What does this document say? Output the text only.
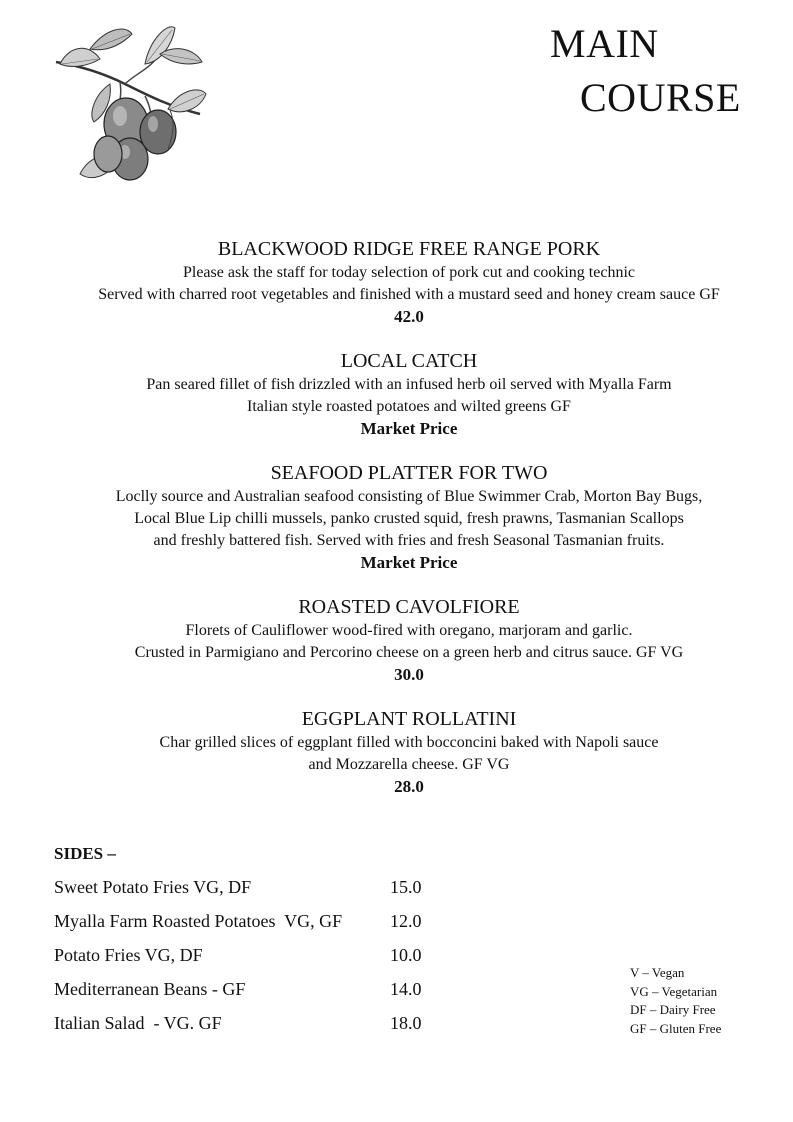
MAIN
COURSE
BLACKWOOD RIDGE FREE RANGE PORK
Please ask the staff for today selection of pork cut and cooking technic
Served with charred root vegetables and finished with a mustard seed and honey cream sauce GF
42.0
LOCAL CATCH
Pan seared fillet of fish drizzled with an infused herb oil served with Myalla Farm
Italian style roasted potatoes and wilted greens GF
Market Price
SEAFOOD PLATTER FOR TWO
Loclly source and Australian seafood consisting of Blue Swimmer Crab, Morton Bay Bugs,
Local Blue Lip chilli mussels, panko crusted squid, fresh prawns, Tasmanian Scallops
and freshly battered fish. Served with fries and fresh Seasonal Tasmanian fruits.
Market Price
ROASTED CAVOLFIORE
Florets of Cauliflower wood-fired with oregano, marjoram and garlic.
Crusted in Parmigiano and Percorino cheese on a green herb and citrus sauce. GF VG
30.0
EGGPLANT ROLLATINI
Char grilled slices of eggplant filled with bocconcini baked with Napoli sauce
and Mozzarella cheese. GF VG
28.0
SIDES –
Sweet Potato Fries VG, DF	15.0
Myalla Farm Roasted Potatoes  VG, GF	12.0
Potato Fries VG, DF	10.0
Mediterranean Beans - GF	14.0
Italian Salad  - VG. GF	18.0
V – Vegan
VG – Vegetarian
DF – Dairy Free
GF – Gluten Free
